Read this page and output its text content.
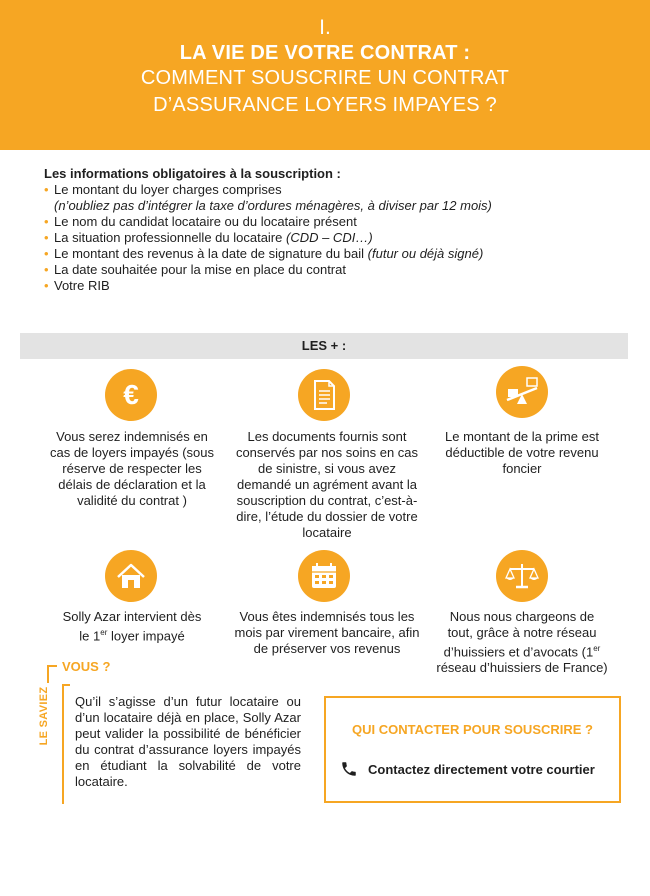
I.
LA VIE DE VOTRE CONTRAT :
COMMENT SOUSCRIRE UN CONTRAT
D’ASSURANCE LOYERS IMPAYES ?
Les informations obligatoires à la souscription :
• Le montant du loyer charges comprises
(n’oubliez pas d’intégrer la taxe d’ordures ménagères, à diviser par 12 mois)
• Le nom du candidat locataire ou du locataire présent
• La situation professionnelle du locataire (CDD – CDI…)
• Le montant des revenus à la date de signature du bail (futur ou déjà signé)
• La date souhaitée pour la mise en place du contrat
• Votre RIB
LES + :
€
Vous serez indemnisés en cas de loyers impayés (sous réserve de respecter les délais de déclaration et la validité du contrat )
Les documents fournis sont conservés par nos soins en cas de sinistre, si vous avez demandé un agrément avant la souscription du contrat, c’est-à-dire, l’étude du dossier de votre locataire
Le montant de la prime est déductible de votre revenu foncier
Solly Azar intervient dès le 1er loyer impayé
Vous êtes indemnisés tous les mois par virement bancaire, afin de préserver vos revenus
Nous nous chargeons de tout, grâce à notre réseau d’huissiers et d’avocats (1er réseau d’huissiers de France)
LE SAVIEZ
VOUS ?
Qu’il s’agisse d’un futur locataire ou d’un locataire déjà en place, Solly Azar peut valider la possibilité de bénéficier du contrat d’assurance loyers impayés en étudiant la solvabilité de votre locataire.
QUI CONTACTER POUR SOUSCRIRE ?
Contactez directement votre courtier
